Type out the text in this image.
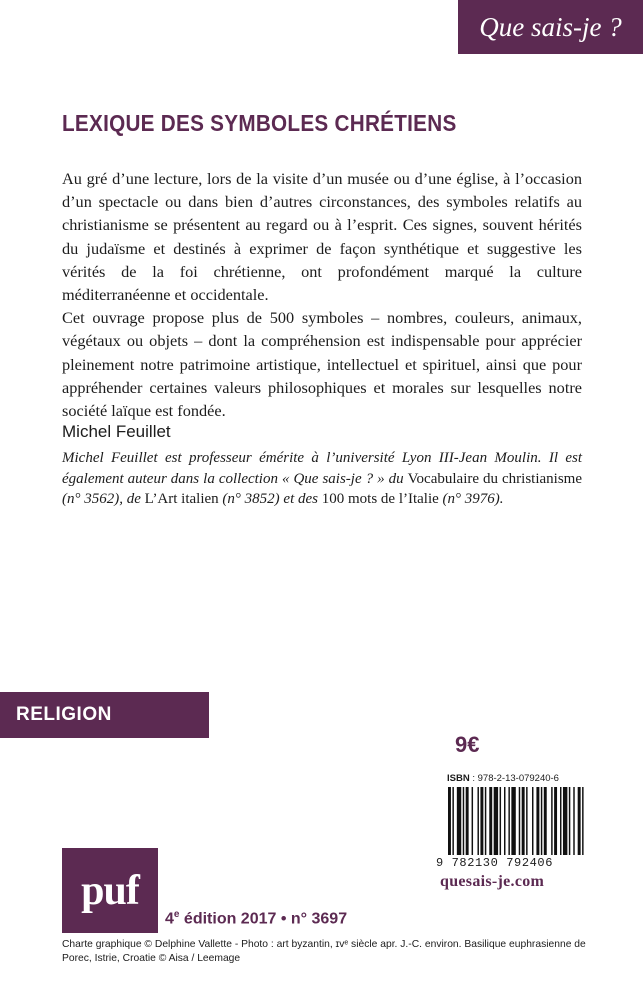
Que sais-je ?
LEXIQUE DES SYMBOLES CHRÉTIENS

Au gré d’une lecture, lors de la visite d’un musée ou d’une église, à l’occasion d’un spectacle ou dans bien d’autres circonstances, des symboles relatifs au christianisme se présentent au regard ou à l’esprit. Ces signes, souvent hérités du judaïsme et destinés à exprimer de façon synthétique et suggestive les vérités de la foi chrétienne, ont profondément marqué la culture méditerranéenne et occidentale.

Cet ouvrage propose plus de 500 symboles – nombres, couleurs, animaux, végétaux ou objets – dont la compréhension est indispensable pour apprécier pleinement notre patrimoine artistique, intellectuel et spirituel, ainsi que pour appréhender certaines valeurs philosophiques et morales sur lesquelles notre société laïque est fondée.

Michel Feuillet
Michel Feuillet est professeur émérite à l’université Lyon III-Jean Moulin. Il est également auteur dans la collection « Que sais-je ? » du Vocabulaire du christianisme (n° 3562), de L’Art italien (n° 3852) et des 100 mots de l’Italie (n° 3976).
RELIGION
9€
ISBN : 978-2-13-079240-6
9 782130 792406
quesais-je.com
puf
4e édition 2017 • n° 3697
Charte graphique © Delphine Vallette - Photo : art byzantin, ɪvᵉ siècle apr. J.-C. environ. Basilique euphrasienne de Porec, Istrie, Croatie © Aisa / Leemage
